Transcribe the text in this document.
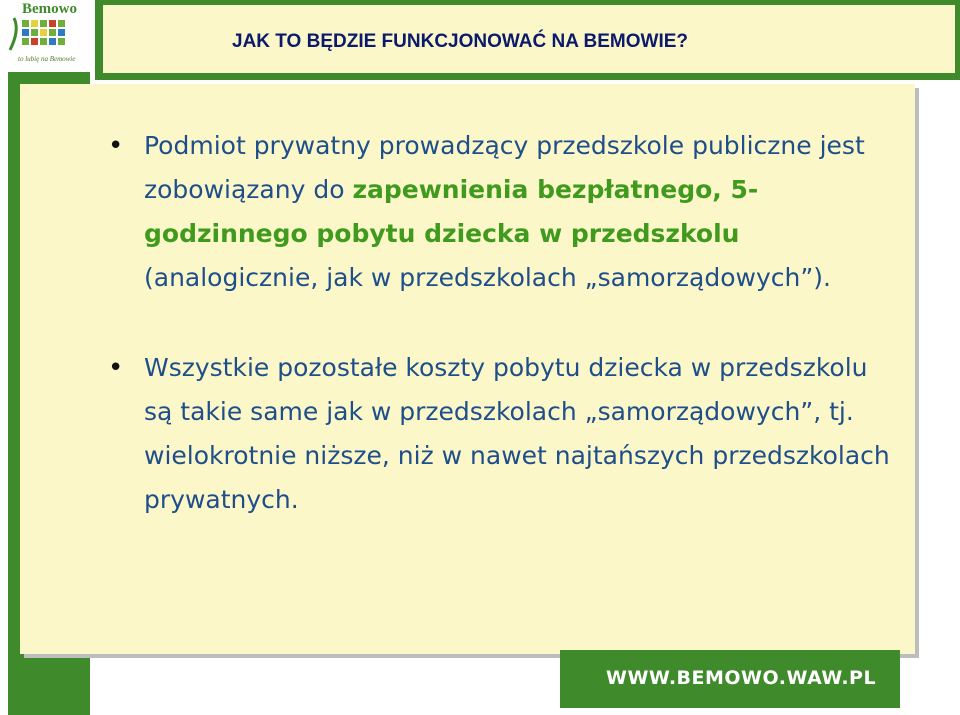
JAK TO BĘDZIE FUNKCJONOWAĆ NA BEMOWIE?
Bemowo
to lubię na Bemowie
• Podmiot prywatny prowadzący przedszkole publiczne jest zobowiązany do zapewnienia bezpłatnego, 5-godzinnego pobytu dziecka w przedszkolu (analogicznie, jak w przedszkolach „samorządowych”).
• Wszystkie pozostałe koszty pobytu dziecka w przedszkolu są takie same jak w przedszkolach „samorządowych”, tj. wielokrotnie niższe, niż w nawet najtańszych przedszkolach prywatnych.
WWW.BEMOWO.WAW.PL
